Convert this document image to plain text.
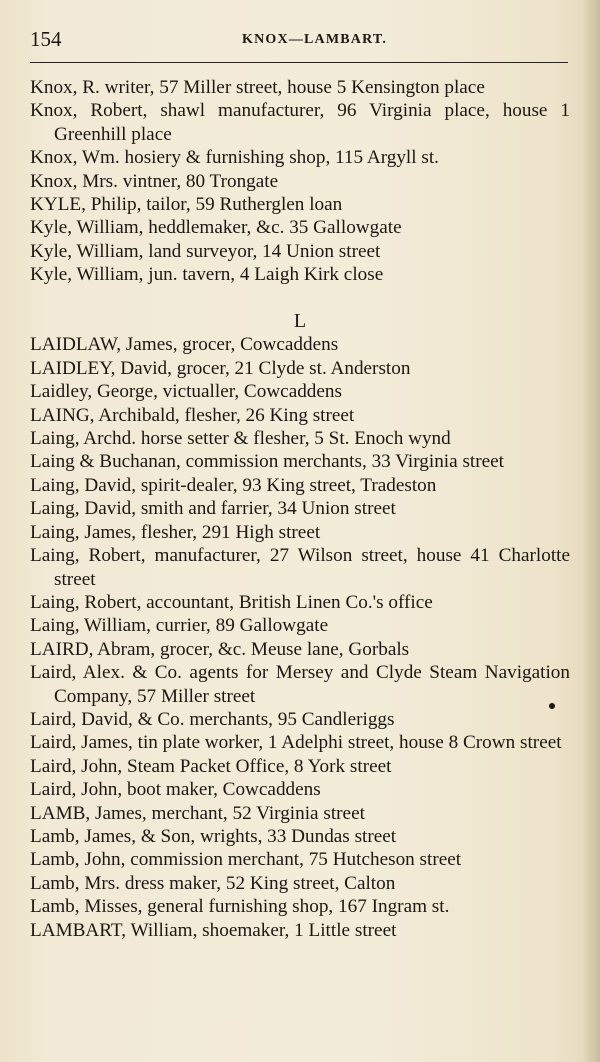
154	KNOX—LAMBART.

Knox, R. writer, 57 Miller street, house 5 Kensington place

Knox, Robert, shawl manufacturer, 96 Virginia place, house 1 Greenhill place

Knox, Wm. hosiery & furnishing shop, 115 Argyll st.

Knox, Mrs. vintner, 80 Trongate

KYLE, Philip, tailor, 59 Rutherglen loan

Kyle, William, heddlemaker, &c. 35 Gallowgate

Kyle, William, land surveyor, 14 Union street

Kyle, William, jun. tavern, 4 Laigh Kirk close

L

LAIDLAW, James, grocer, Cowcaddens

LAIDLEY, David, grocer, 21 Clyde st. Anderston

Laidley, George, victualler, Cowcaddens

LAING, Archibald, flesher, 26 King street

Laing, Archd. horse setter & flesher, 5 St. Enoch wynd

Laing & Buchanan, commission merchants, 33 Virginia street

Laing, David, spirit-dealer, 93 King street, Tradeston

Laing, David, smith and farrier, 34 Union street

Laing, James, flesher, 291 High street

Laing, Robert, manufacturer, 27 Wilson street, house 41 Charlotte street

Laing, Robert, accountant, British Linen Co.'s office

Laing, William, currier, 89 Gallowgate

LAIRD, Abram, grocer, &c. Meuse lane, Gorbals

Laird, Alex. & Co. agents for Mersey and Clyde Steam Navigation Company, 57 Miller street

Laird, David, & Co. merchants, 95 Candleriggs

Laird, James, tin plate worker, 1 Adelphi street, house 8 Crown street

Laird, John, Steam Packet Office, 8 York street

Laird, John, boot maker, Cowcaddens

LAMB, James, merchant, 52 Virginia street

Lamb, James, & Son, wrights, 33 Dundas street

Lamb, John, commission merchant, 75 Hutcheson street

Lamb, Mrs. dress maker, 52 King street, Calton

Lamb, Misses, general furnishing shop, 167 Ingram st.

LAMBART, William, shoemaker, 1 Little street
